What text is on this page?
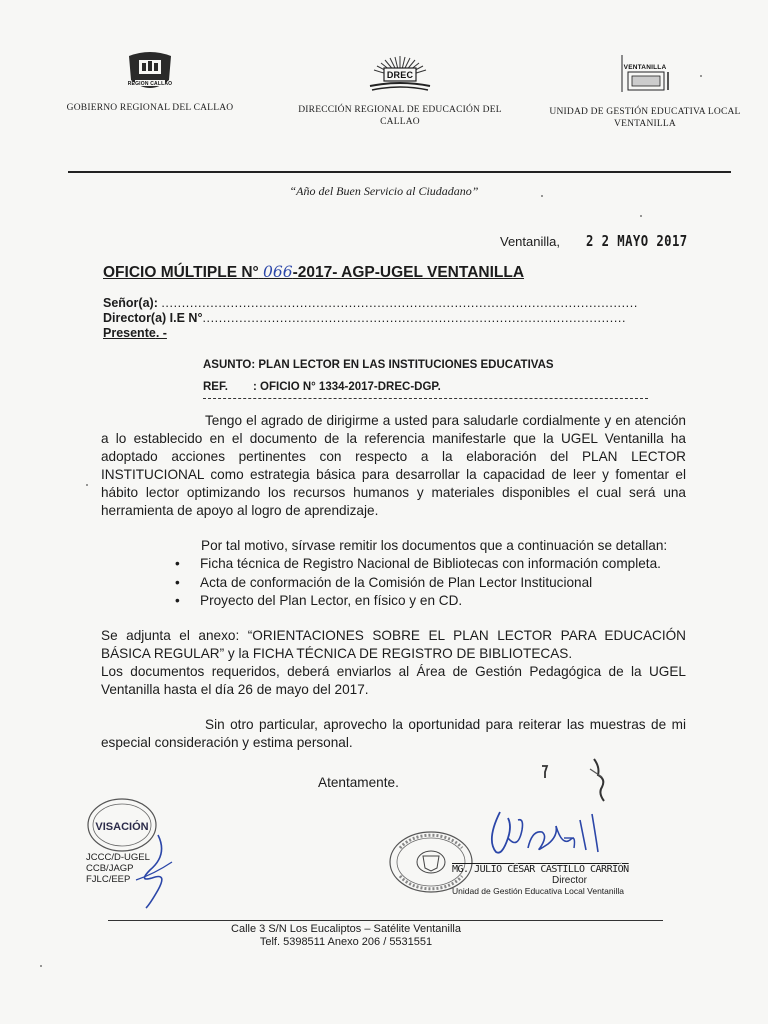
REGION CALLAO
GOBIERNO REGIONAL DEL CALLAO
DREC
DIRECCIÓN REGIONAL DE EDUCACIÓN DEL
CALLAO
VENTANILLA
UNIDAD DE GESTIÓN EDUCATIVA LOCAL
VENTANILLA
“Año del Buen Servicio al Ciudadano”
Ventanilla, 2 2 MAYO 2017
OFICIO MÚLTIPLE N° 066-2017- AGP-UGEL VENTANILLA
Señor(a): .....................................................................................................................
Director(a) I.E N°........................................................................................................
Presente. -
ASUNTO: PLAN LECTOR EN LAS INSTITUCIONES EDUCATIVAS
REF. : OFICIO N° 1334-2017-DREC-DGP.
Tengo el agrado de dirigirme a usted para saludarle cordialmente y en atención a lo establecido en el documento de la referencia manifestarle que la UGEL Ventanilla ha adoptado acciones pertinentes con respecto a la elaboración del PLAN LECTOR INSTITUCIONAL como estrategia básica para desarrollar la capacidad de leer y fomentar el hábito lector optimizando los recursos humanos y materiales disponibles el cual será una herramienta de apoyo al logro de aprendizaje.
Por tal motivo, sírvase remitir los documentos que a continuación se detallan:
• Ficha técnica de Registro Nacional de Bibliotecas con información completa.
• Acta de conformación de la Comisión de Plan Lector Institucional
• Proyecto del Plan Lector, en físico y en CD.
Se adjunta el anexo: “ORIENTACIONES SOBRE EL PLAN LECTOR PARA EDUCACIÓN BÁSICA REGULAR” y la FICHA TÉCNICA DE REGISTRO DE BIBLIOTECAS.
Los documentos requeridos, deberá enviarlos al Área de Gestión Pedagógica de la UGEL Ventanilla hasta el día 26 de mayo del 2017.
Sin otro particular, aprovecho la oportunidad para reiterar las muestras de mi especial consideración y estima personal.
Atentamente.
VISACIÓN
JCCC/D-UGEL
CCB/JAGP
FJLC/EEP
MG. JULIO CÉSAR CASTILLO CARRIÓN
Director
Unidad de Gestión Educativa Local Ventanilla
Calle 3 S/N Los Eucaliptos – Satélite Ventanilla
Telf. 5398511 Anexo 206 / 5531551
